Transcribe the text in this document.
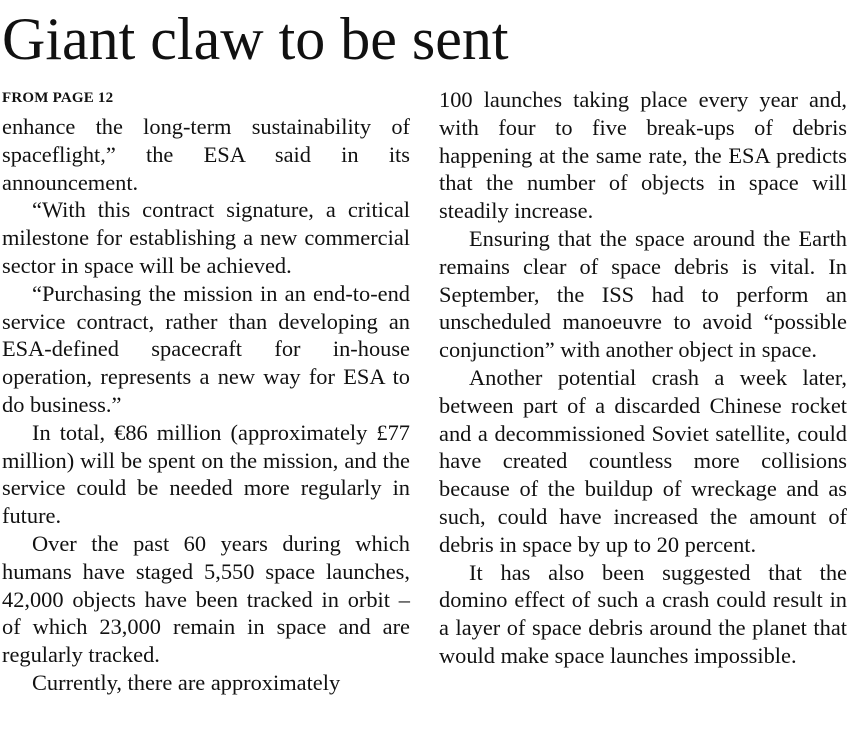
Giant claw to be sent
FROM PAGE 12

enhance the long-term sustainability of spaceflight,” the ESA said in its announcement.

“With this contract signature, a critical milestone for establishing a new commercial sector in space will be achieved.

“Purchasing the mission in an end-to-end service contract, rather than developing an ESA-defined spacecraft for in-house operation, represents a new way for ESA to do business.”

In total, €86 million (approximately £77 million) will be spent on the mission, and the service could be needed more regularly in future.

Over the past 60 years during which humans have staged 5,550 space launches, 42,000 objects have been tracked in orbit – of which 23,000 remain in space and are regularly tracked.

Currently, there are approximately

100 launches taking place every year and, with four to five break-ups of debris happening at the same rate, the ESA predicts that the number of objects in space will steadily increase.

Ensuring that the space around the Earth remains clear of space debris is vital. In September, the ISS had to perform an unscheduled manoeuvre to avoid “possible conjunction” with another object in space.

Another potential crash a week later, between part of a discarded Chinese rocket and a decommissioned Soviet satellite, could have created countless more collisions because of the buildup of wreckage and as such, could have increased the amount of debris in space by up to 20 percent.

It has also been suggested that the domino effect of such a crash could result in a layer of space debris around the planet that would make space launches impossible.
